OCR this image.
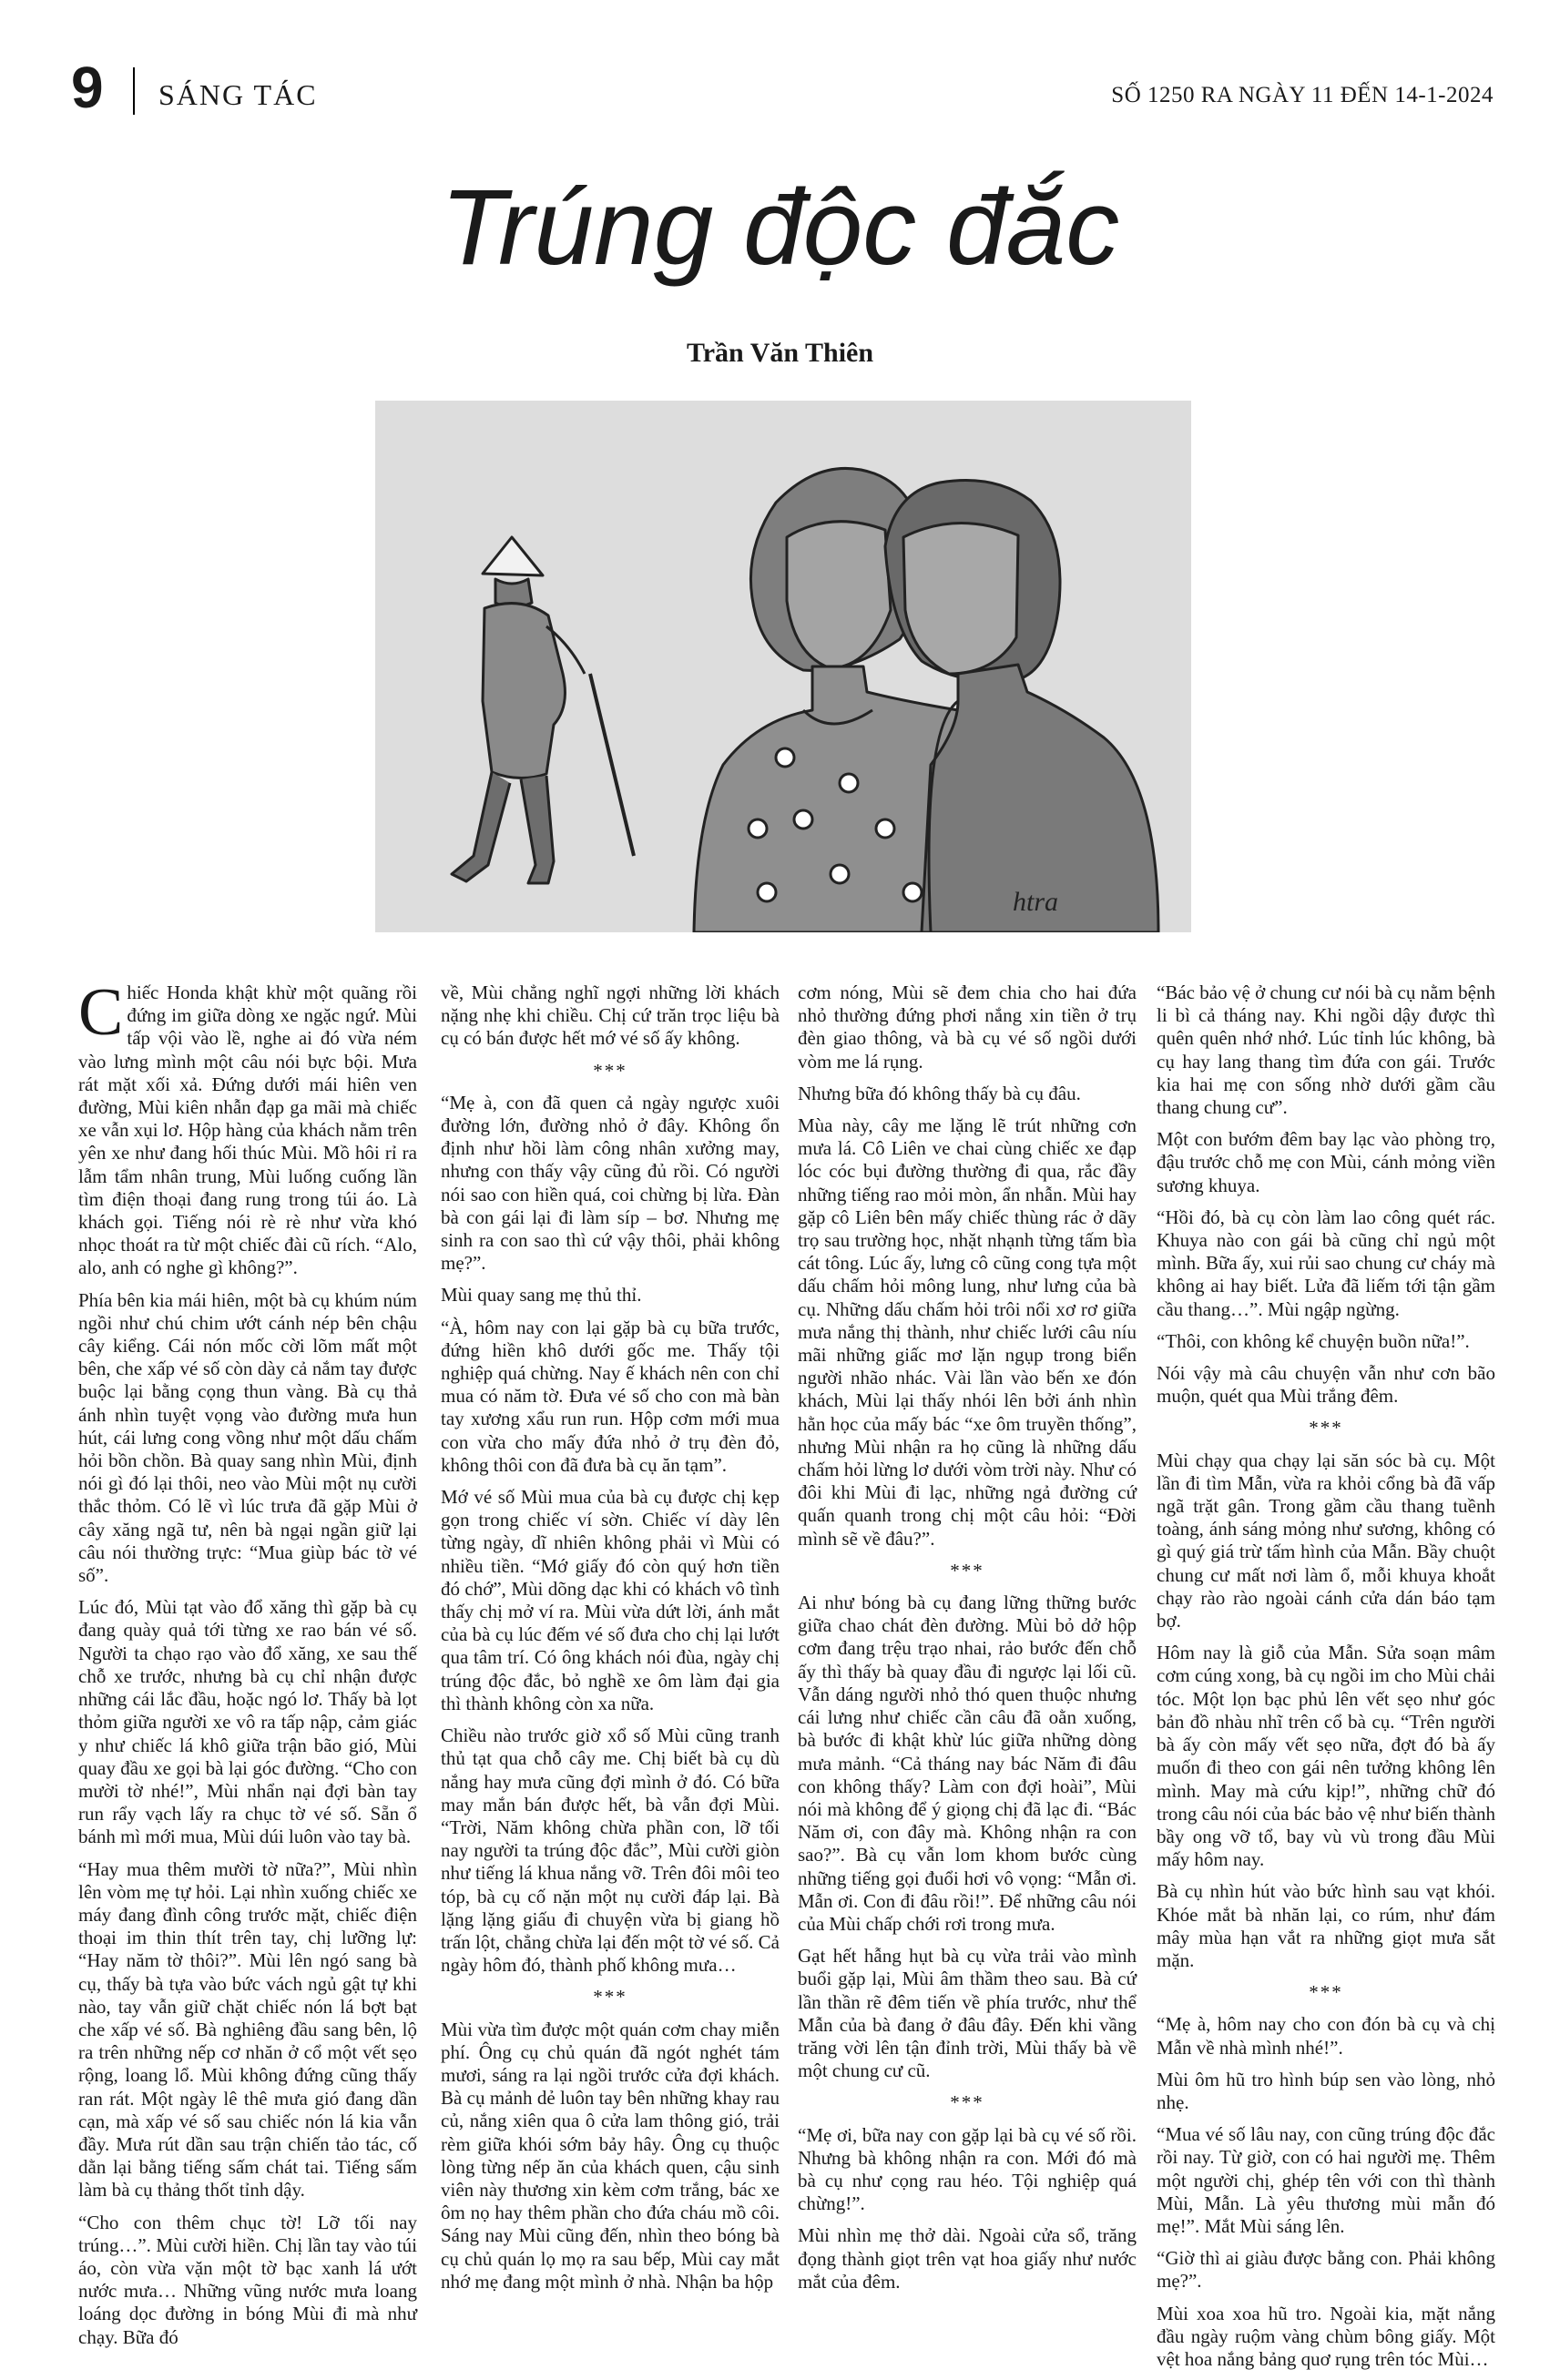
9 SÁNG TÁC	SỐ 1250 RA NGÀY 11 ĐẾN 14-1-2024
Trúng độc đắc
Trần Văn Thiên
htra

Chiếc Honda khật khừ một quãng rồi đứng im giữa dòng xe ngặc ngứ. Mùi tấp vội vào lề, nghe ai đó vừa ném vào lưng mình một câu nói bực bội. Mưa rát mặt xối xả. Đứng dưới mái hiên ven đường, Mùi kiên nhẫn đạp ga mãi mà chiếc xe vẫn xụi lơ. Hộp hàng của khách nằm trên yên xe như đang hối thúc Mùi. Mồ hôi rỉ ra lẫm tẩm nhân trung, Mùi luống cuống lần tìm điện thoại đang rung trong túi áo. Là khách gọi. Tiếng nói rè rè như vừa khó nhọc thoát ra từ một chiếc đài cũ rích. “Alo, alo, anh có nghe gì không?”.

Phía bên kia mái hiên, một bà cụ khúm núm ngồi như chú chim ướt cánh nép bên chậu cây kiểng. Cái nón mốc cời lõm mất một bên, che xấp vé số còn dày cả nắm tay được buộc lại bằng cọng thun vàng. Bà cụ thả ánh nhìn tuyệt vọng vào đường mưa hun hút, cái lưng cong vồng như một dấu chấm hỏi bồn chồn. Bà quay sang nhìn Mùi, định nói gì đó lại thôi, neo vào Mùi một nụ cười thắc thỏm. Có lẽ vì lúc trưa đã gặp Mùi ở cây xăng ngã tư, nên bà ngại ngần giữ lại câu nói thường trực: “Mua giùp bác tờ vé số”.

Lúc đó, Mùi tạt vào đổ xăng thì gặp bà cụ đang quày quả tới từng xe rao bán vé số. Người ta chạo rạo vào đổ xăng, xe sau thế chỗ xe trước, nhưng bà cụ chỉ nhận được những cái lắc đầu, hoặc ngó lơ. Thấy bà lọt thỏm giữa người xe vô ra tấp nập, cảm giác y như chiếc lá khô giữa trận bão gió, Mùi quay đầu xe gọi bà lại góc đường. “Cho con mười tờ nhé!”, Mùi nhẩn nại đợi bàn tay run rẩy vạch lấy ra chục tờ vé số. Sẵn ổ bánh mì mới mua, Mùi dúi luôn vào tay bà.

“Hay mua thêm mười tờ nữa?”, Mùi nhìn lên vòm mẹ tự hỏi. Lại nhìn xuống chiếc xe máy đang đình công trước mặt, chiếc điện thoại im thin thít trên tay, chị lưỡng lự: “Hay năm tờ thôi?”. Mùi lên ngó sang bà cụ, thấy bà tựa vào bức vách ngủ gật tự khi nào, tay vẫn giữ chặt chiếc nón lá bợt bạt che xấp vé số. Bà nghiêng đầu sang bên, lộ ra trên những nếp cơ nhăn ở cổ một vết sẹo rộng, loang lổ. Mùi không đứng cũng thấy ran rát. Một ngày lê thê mưa gió đang dần cạn, mà xấp vé số sau chiếc nón lá kia vẫn đầy. Mưa rút dần sau trận chiến tảo tác, cố dằn lại bằng tiếng sấm chát tai. Tiếng sấm làm bà cụ thảng thốt tỉnh dậy.

“Cho con thêm chục tờ! Lỡ tối nay trúng…”. Mùi cười hiền. Chị lần tay vào túi áo, còn vừa vặn một tờ bạc xanh lá ướt nước mưa… Những vũng nước mưa loang loáng dọc đường in bóng Mùi đi mà như chạy. Bữa đó

về, Mùi chẳng nghĩ ngợi những lời khách nặng nhẹ khi chiều. Chị cứ trăn trọc liệu bà cụ có bán được hết mớ vé số ấy không.

***

“Mẹ à, con đã quen cả ngày ngược xuôi đường lớn, đường nhỏ ở đây. Không ổn định như hồi làm công nhân xưởng may, nhưng con thấy vậy cũng đủ rồi. Có người nói sao con hiền quá, coi chừng bị lừa. Đàn bà con gái lại đi làm síp – bơ. Nhưng mẹ sinh ra con sao thì cứ vậy thôi, phải không mẹ?”.

Mùi quay sang mẹ thủ thỉ.

“À, hôm nay con lại gặp bà cụ bữa trước, đứng hiền khô dưới gốc me. Thấy tội nghiệp quá chừng. Nay ế khách nên con chỉ mua có năm tờ. Đưa vé số cho con mà bàn tay xương xẩu run run. Hộp cơm mới mua con vừa cho mấy đứa nhỏ ở trụ đèn đỏ, không thôi con đã đưa bà cụ ăn tạm”.

Mớ vé số Mùi mua của bà cụ được chị kẹp gọn trong chiếc ví sờn. Chiếc ví dày lên từng ngày, dĩ nhiên không phải vì Mùi có nhiều tiền. “Mớ giấy đó còn quý hơn tiền đó chớ”, Mùi dõng dạc khi có khách vô tình thấy chị mở ví ra. Mùi vừa dứt lời, ánh mắt của bà cụ lúc đếm vé số đưa cho chị lại lướt qua tâm trí. Có ông khách nói đùa, ngày chị trúng độc đắc, bỏ nghề xe ôm làm đại gia thì thành không còn xa nữa.

Chiều nào trước giờ xổ số Mùi cũng tranh thủ tạt qua chỗ cây me. Chị biết bà cụ dù nắng hay mưa cũng đợi mình ở đó. Có bữa may mắn bán được hết, bà vẫn đợi Mùi. “Trời, Năm không chừa phần con, lỡ tối nay người ta trúng độc đắc”, Mùi cười giòn như tiếng lá khua nắng vỡ. Trên đôi môi teo tóp, bà cụ cố nặn một nụ cười đáp lại. Bà lặng lặng giấu đi chuyện vừa bị giang hồ trấn lột, chẳng chừa lại đến một tờ vé số. Cả ngày hôm đó, thành phố không mưa…

***

Mùi vừa tìm được một quán cơm chay miễn phí. Ông cụ chủ quán đã ngót nghét tám mươi, sáng ra lại ngồi trước cửa đợi khách. Bà cụ mảnh dẻ luôn tay bên những khay rau củ, nắng xiên qua ô cửa lam thông gió, trải rèm giữa khói sớm bảy hây. Ông cụ thuộc lòng từng nếp ăn của khách quen, cậu sinh viên này thương xin kèm cơm trắng, bác xe ôm nọ hay thêm phần cho đứa cháu mồ côi. Sáng nay Mùi cũng đến, nhìn theo bóng bà cụ chủ quán lọ mọ ra sau bếp, Mùi cay mắt nhớ mẹ đang một mình ở nhà. Nhận ba hộp

cơm nóng, Mùi sẽ đem chia cho hai đứa nhỏ thường đứng phơi nắng xin tiền ở trụ đèn giao thông, và bà cụ vé số ngồi dưới vòm me lá rụng.

Nhưng bữa đó không thấy bà cụ đâu.

Mùa này, cây me lặng lẽ trút những cơn mưa lá. Cô Liên ve chai cùng chiếc xe đạp lóc cóc bụi đường thường đi qua, rắc đầy những tiếng rao mỏi mòn, ẩn nhẫn. Mùi hay gặp cô Liên bên mấy chiếc thùng rác ở dãy trọ sau trường học, nhặt nhạnh từng tấm bìa cát tông. Lúc ấy, lưng cô cũng cong tựa một dấu chấm hỏi mông lung, như lưng của bà cụ. Những dấu chấm hỏi trôi nổi xơ rơ giữa mưa nắng thị thành, như chiếc lưới câu níu mãi những giấc mơ lặn ngụp trong biển người nhão nhác. Vài lần vào bến xe đón khách, Mùi lại thấy nhói lên bởi ánh nhìn hằn học của mấy bác “xe ôm truyền thống”, nhưng Mùi nhận ra họ cũng là những dấu chấm hỏi lừng lơ dưới vòm trời này. Như có đôi khi Mùi đi lạc, những ngả đường cứ quấn quanh trong chị một câu hỏi: “Đời mình sẽ về đâu?”.

***

Ai như bóng bà cụ đang lững thững bước giữa chao chát đèn đường. Mùi bỏ dở hộp cơm đang trệu trạo nhai, rảo bước đến chỗ ấy thì thấy bà quay đầu đi ngược lại lối cũ. Vẫn dáng người nhỏ thó quen thuộc nhưng cái lưng như chiếc cần câu đã oằn xuống, bà bước đi khật khừ lúc giữa những dòng mưa mảnh. “Cả tháng nay bác Năm đi đâu con không thấy? Làm con đợi hoài”, Mùi nói mà không để ý giọng chị đã lạc đi. “Bác Năm ơi, con đây mà. Không nhận ra con sao?”. Bà cụ vẫn lom khom bước cùng những tiếng gọi đuổi hơi vô vọng: “Mẫn ơi. Mẫn ơi. Con đi đâu rồi!”. Để những câu nói của Mùi chấp chới rơi trong mưa.

Gạt hết hẫng hụt bà cụ vừa trải vào mình buổi gặp lại, Mùi âm thầm theo sau. Bà cứ lần thần rẽ đêm tiến về phía trước, như thể Mẫn của bà đang ở đâu đây. Đến khi vầng trăng vời lên tận đỉnh trời, Mùi thấy bà về một chung cư cũ.

***

“Mẹ ơi, bữa nay con gặp lại bà cụ vé số rồi. Nhưng bà không nhận ra con. Mới đó mà bà cụ như cọng rau héo. Tội nghiệp quá chừng!”.

Mùi nhìn mẹ thở dài. Ngoài cửa sổ, trăng đọng thành giọt trên vạt hoa giấy như nước mắt của đêm.

“Bác bảo vệ ở chung cư nói bà cụ nằm bệnh li bì cả tháng nay. Khi ngồi dậy được thì quên quên nhớ nhớ. Lúc tỉnh lúc không, bà cụ hay lang thang tìm đứa con gái. Trước kia hai mẹ con sống nhờ dưới gầm cầu thang chung cư”.

Một con bướm đêm bay lạc vào phòng trọ, đậu trước chỗ mẹ con Mùi, cánh mỏng viền sương khuya.

“Hồi đó, bà cụ còn làm lao công quét rác. Khuya nào con gái bà cũng chỉ ngủ một mình. Bữa ấy, xui rủi sao chung cư cháy mà không ai hay biết. Lửa đã liếm tới tận gầm cầu thang…”. Mùi ngập ngừng.

“Thôi, con không kể chuyện buồn nữa!”.

Nói vậy mà câu chuyện vẫn như cơn bão muộn, quét qua Mùi trắng đêm.

***

Mùi chạy qua chạy lại săn sóc bà cụ. Một lần đi tìm Mẫn, vừa ra khỏi cổng bà đã vấp ngã trặt gân. Trong gầm cầu thang tuềnh toàng, ánh sáng mỏng như sương, không có gì quý giá trừ tấm hình của Mẫn. Bầy chuột chung cư mất nơi làm ổ, mỗi khuya khoắt chạy rào rào ngoài cánh cửa dán báo tạm bợ.

Hôm nay là giỗ của Mẫn. Sửa soạn mâm cơm cúng xong, bà cụ ngồi im cho Mùi chải tóc. Một lọn bạc phủ lên vết sẹo như góc bản đồ nhàu nhĩ trên cổ bà cụ. “Trên người bà ấy còn mấy vết sẹo nữa, đợt đó bà ấy muốn đi theo con gái nên tưởng không lên mình. May mà cứu kịp!”, những chữ đó trong câu nói của bác bảo vệ như biến thành bầy ong vỡ tổ, bay vù vù trong đầu Mùi mấy hôm nay.

Bà cụ nhìn hút vào bức hình sau vạt khói. Khóe mắt bà nhăn lại, co rúm, như đám mây mùa hạn vắt ra những giọt mưa sắt mặn.

***

“Mẹ à, hôm nay cho con đón bà cụ và chị Mẫn về nhà mình nhé!”.

Mùi ôm hũ tro hình búp sen vào lòng, nhỏ nhẹ.

“Mua vé số lâu nay, con cũng trúng độc đắc rồi nay. Từ giờ, con có hai người mẹ. Thêm một người chị, ghép tên với con thì thành Mùi, Mẫn. Là yêu thương mùi mẫn đó mẹ!”. Mắt Mùi sáng lên.

“Giờ thì ai giàu được bằng con. Phải không mẹ?”.

Mùi xoa xoa hũ tro. Ngoài kia, mặt nắng đầu ngày ruộm vàng chùm bông giấy. Một vệt hoa nắng bảng quơ rụng trên tóc Mùi…
